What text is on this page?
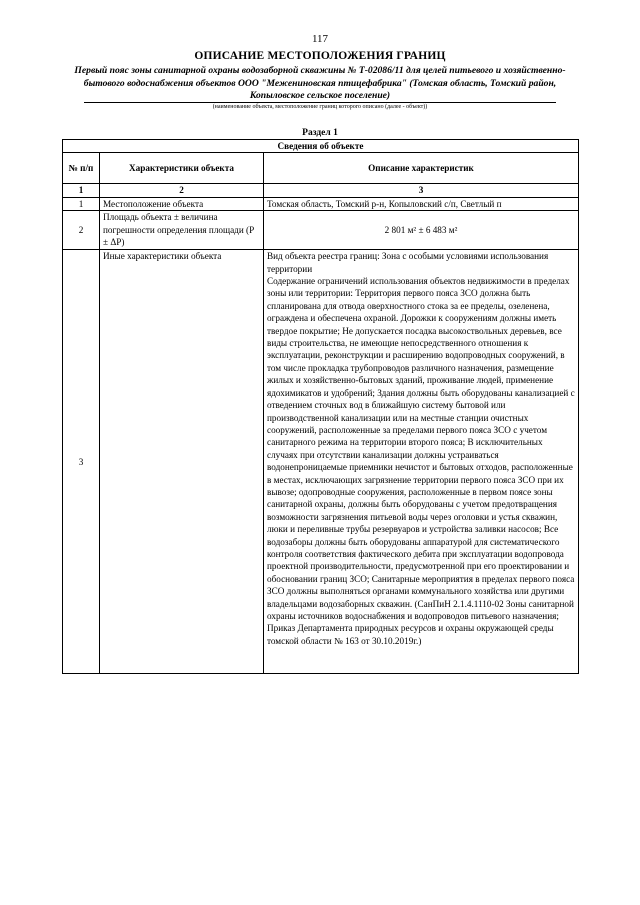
117
ОПИСАНИЕ МЕСТОПОЛОЖЕНИЯ ГРАНИЦ
Первый пояс зоны санитарной охраны водозаборной скважины № Т-02086/11 для целей питьевого и хозяйственно-бытового водоснабжения объектов ООО "Межениновская птицефабрика" (Томская область, Томский район, Копыловское сельское поселение)
(наименование объекта, местоположение границ которого описано (далее - объект))
Раздел 1
Сведения об объекте		
№ п/п	Характеристики объекта	Описание характеристик
1	2	3
1	Местоположение объекта	Томская область, Томский р-н, Копыловский с/п, Светлый п
2	Площадь объекта ± величина погрешности определения площади (Р ± ΔР)	2 801 м² ± 6 483 м²
3	Иные характеристики объекта	Вид объекта реестра границ: Зона с особыми условиями использования территории
Содержание ограничений использования объектов недвижимости в пределах зоны или территории: Территория первого пояса ЗСО должна быть спланирована для отвода оверхностного стока за ее пределы, озеленена, ограждена и обеспечена охраной. Дорожки к сооружениям должны иметь твердое покрытие; Не допускается посадка высокоствольных деревьев, все виды строительства, не имеющие непосредственного отношения к эксплуатации, реконструкции и расширению водопроводных сооружений, в том числе прокладка трубопроводов различного назначения, размещение жилых и хозяйственно-бытовых зданий, проживание людей, применение ядохимикатов и удобрений; Здания должны быть оборудованы канализацией с отведением сточных вод в ближайшую систему бытовой или производственной канализации или на местные станции очистных сооружений, расположенные за пределами первого пояса ЗСО с учетом санитарного режима на территории второго пояса; В исключительных случаях при отсутствии канализации должны устраиваться водонепроницаемые приемники нечистот и бытовых отходов, расположенные в местах, исключающих загрязнение территории первого пояса ЗСО при их вывозе; одопроводные сооружения, расположенные в первом поясе зоны санитарной охраны, должны быть оборудованы с учетом предотвращения возможности загрязнения питьевой воды через оголовки и устья скважин, люки и переливные трубы резервуаров и устройства заливки насосов; Все водозаборы должны быть оборудованы аппаратурой для систематического контроля соответствия фактического дебита при эксплуатации водопровода проектной производительности, предусмотренной при его проектировании и обосновании границ ЗСО; Санитарные мероприятия в пределах первого пояса ЗСО должны выполняться органами коммунального хозяйства или другими владельцами водозаборных скважин. (СанПиН 2.1.4.1110-02 Зоны санитарной охраны источников водоснабжения и водопроводов питьевого назначения; Приказ Департамента природных ресурсов и охраны окружающей среды томской области № 163 от 30.10.2019г.)
